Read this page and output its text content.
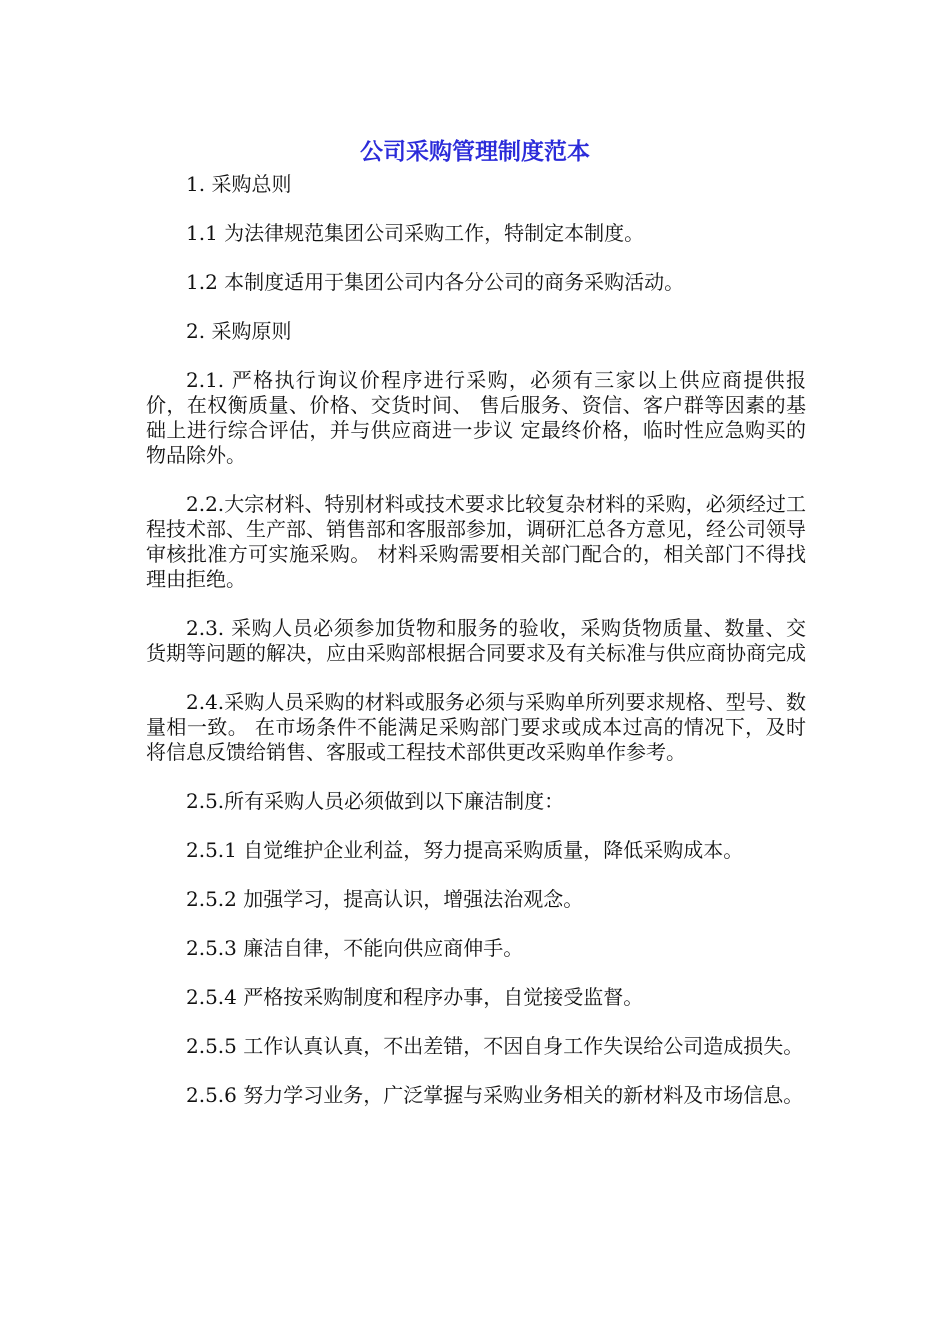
公司采购管理制度范本

1. 采购总则

1.1 为法律规范集团公司采购工作，特制定本制度。

1.2 本制度适用于集团公司内各分公司的商务采购活动。

2. 采购原则

2.1. 严格执行询议价程序进行采购，必须有三家以上供应商提供报价，在权衡质量、价格、交货时间、 售后服务、资信、客户群等因素的基础上进行综合评估，并与供应商进一步议 定最终价格，临时性应急购买的物品除外。

2.2.大宗材料、特别材料或技术要求比较复杂材料的采购，必须经过工程技术部、生产部、销售部和客服部参加，调研汇总各方意见，经公司领导审核批准方可实施采购。 材料采购需要相关部门配合的，相关部门不得找理由拒绝。

2.3. 采购人员必须参加货物和服务的验收，采购货物质量、数量、交货期等问题的解决，应由采购部根据合同要求及有关标准与供应商协商完成

2.4.采购人员采购的材料或服务必须与采购单所列要求规格、型号、数量相一致。 在市场条件不能满足采购部门要求或成本过高的情况下，及时将信息反馈给销售、客服或工程技术部供更改采购单作参考。

2.5.所有采购人员必须做到以下廉洁制度：

2.5.1 自觉维护企业利益，努力提高采购质量，降低采购成本。

2.5.2 加强学习，提高认识，增强法治观念。

2.5.3 廉洁自律，不能向供应商伸手。

2.5.4 严格按采购制度和程序办事，自觉接受监督。

2.5.5 工作认真认真，不出差错，不因自身工作失误给公司造成损失。

2.5.6 努力学习业务，广泛掌握与采购业务相关的新材料及市场信息。
